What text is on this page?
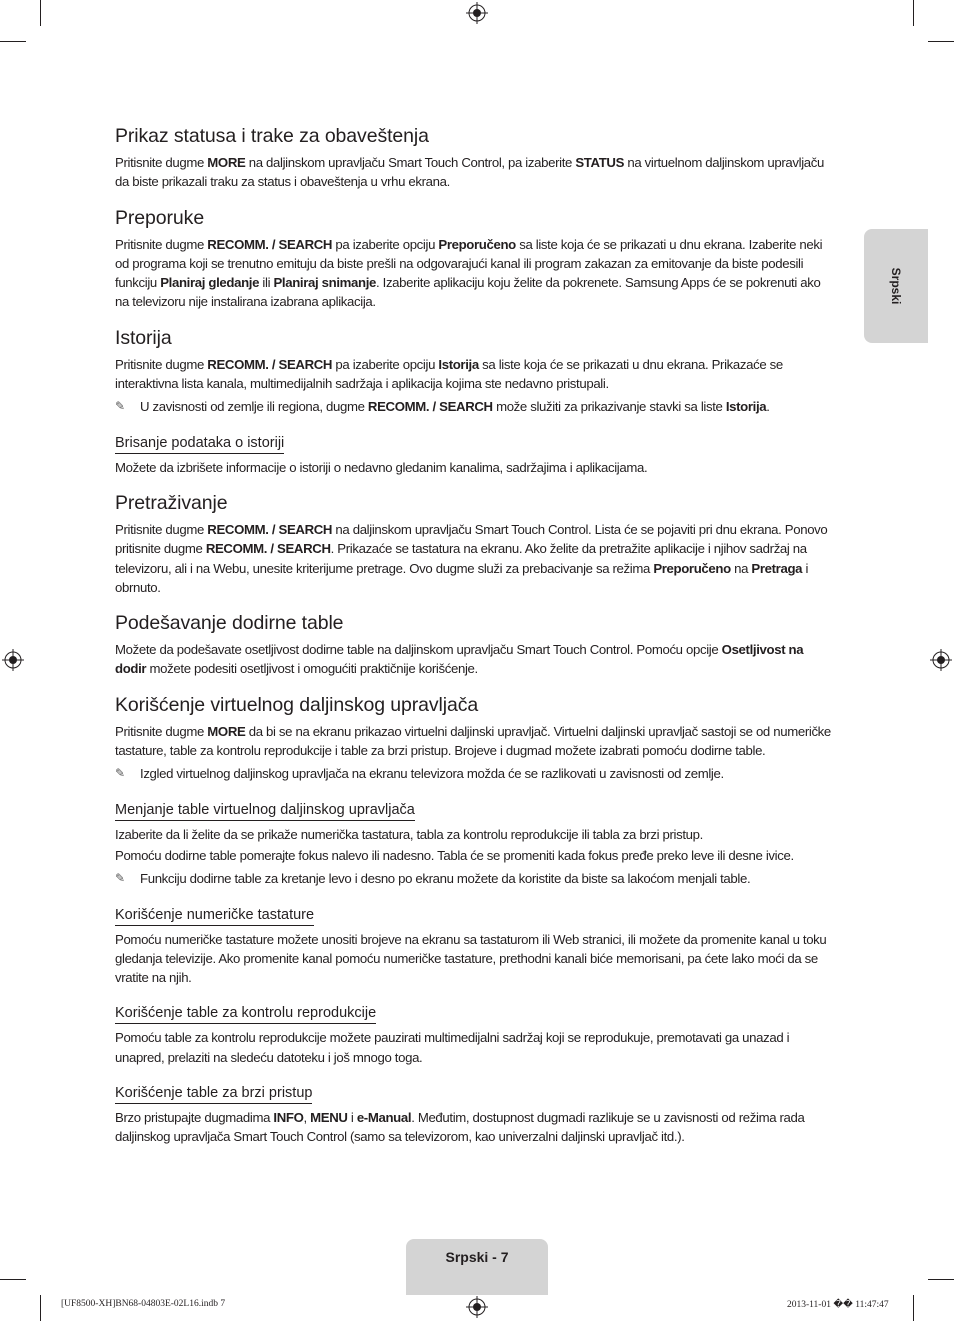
Srpski
Prikaz statusa i trake za obaveštenja

Pritisnite dugme MORE na daljinskom upravljaču Smart Touch Control, pa izaberite STATUS na virtuelnom daljinskom upravljaču da biste prikazali traku za status i obaveštenja u vrhu ekrana.

Preporuke

Pritisnite dugme RECOMM. / SEARCH pa izaberite opciju Preporučeno sa liste koja će se prikazati u dnu ekrana. Izaberite neki od programa koji se trenutno emituju da biste prešli na odgovarajući kanal ili program zakazan za emitovanje da biste podesili funkciju Planiraj gledanje ili Planiraj snimanje. Izaberite aplikaciju koju želite da pokrenete. Samsung Apps će se pokrenuti ako na televizoru nije instalirana izabrana aplikacija.

Istorija

Pritisnite dugme RECOMM. / SEARCH pa izaberite opciju Istorija sa liste koja će se prikazati u dnu ekrana. Prikazaće se interaktivna lista kanala, multimedijalnih sadržaja i aplikacija kojima ste nedavno pristupali.

✎ U zavisnosti od zemlje ili regiona, dugme RECOMM. / SEARCH može služiti za prikazivanje stavki sa liste Istorija.

Brisanje podataka o istoriji

Možete da izbrišete informacije o istoriji o nedavno gledanim kanalima, sadržajima i aplikacijama.

Pretraživanje

Pritisnite dugme RECOMM. / SEARCH na daljinskom upravljaču Smart Touch Control. Lista će se pojaviti pri dnu ekrana. Ponovo pritisnite dugme RECOMM. / SEARCH. Prikazaće se tastatura na ekranu. Ako želite da pretražite aplikacije i njihov sadržaj na televizoru, ali i na Webu, unesite kriterijume pretrage. Ovo dugme služi za prebacivanje sa režima Preporučeno na Pretraga i obrnuto.

Podešavanje dodirne table

Možete da podešavate osetljivost dodirne table na daljinskom upravljaču Smart Touch Control. Pomoću opcije Osetljivost na dodir možete podesiti osetljivost i omogućiti praktičnije korišćenje.

Korišćenje virtuelnog daljinskog upravljača

Pritisnite dugme MORE da bi se na ekranu prikazao virtuelni daljinski upravljač. Virtuelni daljinski upravljač sastoji se od numeričke tastature, table za kontrolu reprodukcije i table za brzi pristup. Brojeve i dugmad možete izabrati pomoću dodirne table.

✎ Izgled virtuelnog daljinskog upravljača na ekranu televizora možda će se razlikovati u zavisnosti od zemlje.

Menjanje table virtuelnog daljinskog upravljača

Izaberite da li želite da se prikaže numerička tastatura, tabla za kontrolu reprodukcije ili tabla za brzi pristup.

Pomoću dodirne table pomerajte fokus nalevo ili nadesno. Tabla će se promeniti kada fokus pređe preko leve ili desne ivice.

✎ Funkciju dodirne table za kretanje levo i desno po ekranu možete da koristite da biste sa lakoćom menjali table.

Korišćenje numeričke tastature

Pomoću numeričke tastature možete unositi brojeve na ekranu sa tastaturom ili Web stranici, ili možete da promenite kanal u toku gledanja televizije. Ako promenite kanal pomoću numeričke tastature, prethodni kanali biće memorisani, pa ćete lako moći da se vratite na njih.

Korišćenje table za kontrolu reprodukcije

Pomoću table za kontrolu reprodukcije možete pauzirati multimedijalni sadržaj koji se reprodukuje, premotavati ga unazad i unapred, prelaziti na sledeću datoteku i još mnogo toga.

Korišćenje table za brzi pristup

Brzo pristupajte dugmadima INFO, MENU i e-Manual. Međutim, dostupnost dugmadi razlikuje se u zavisnosti od režima rada daljinskog upravljača Smart Touch Control (samo sa televizorom, kao univerzalni daljinski upravljač itd.).

Srpski - 7
[UF8500-XH]BN68-04803E-02L16.indb 7	2013-11-01 �� 11:47:47
